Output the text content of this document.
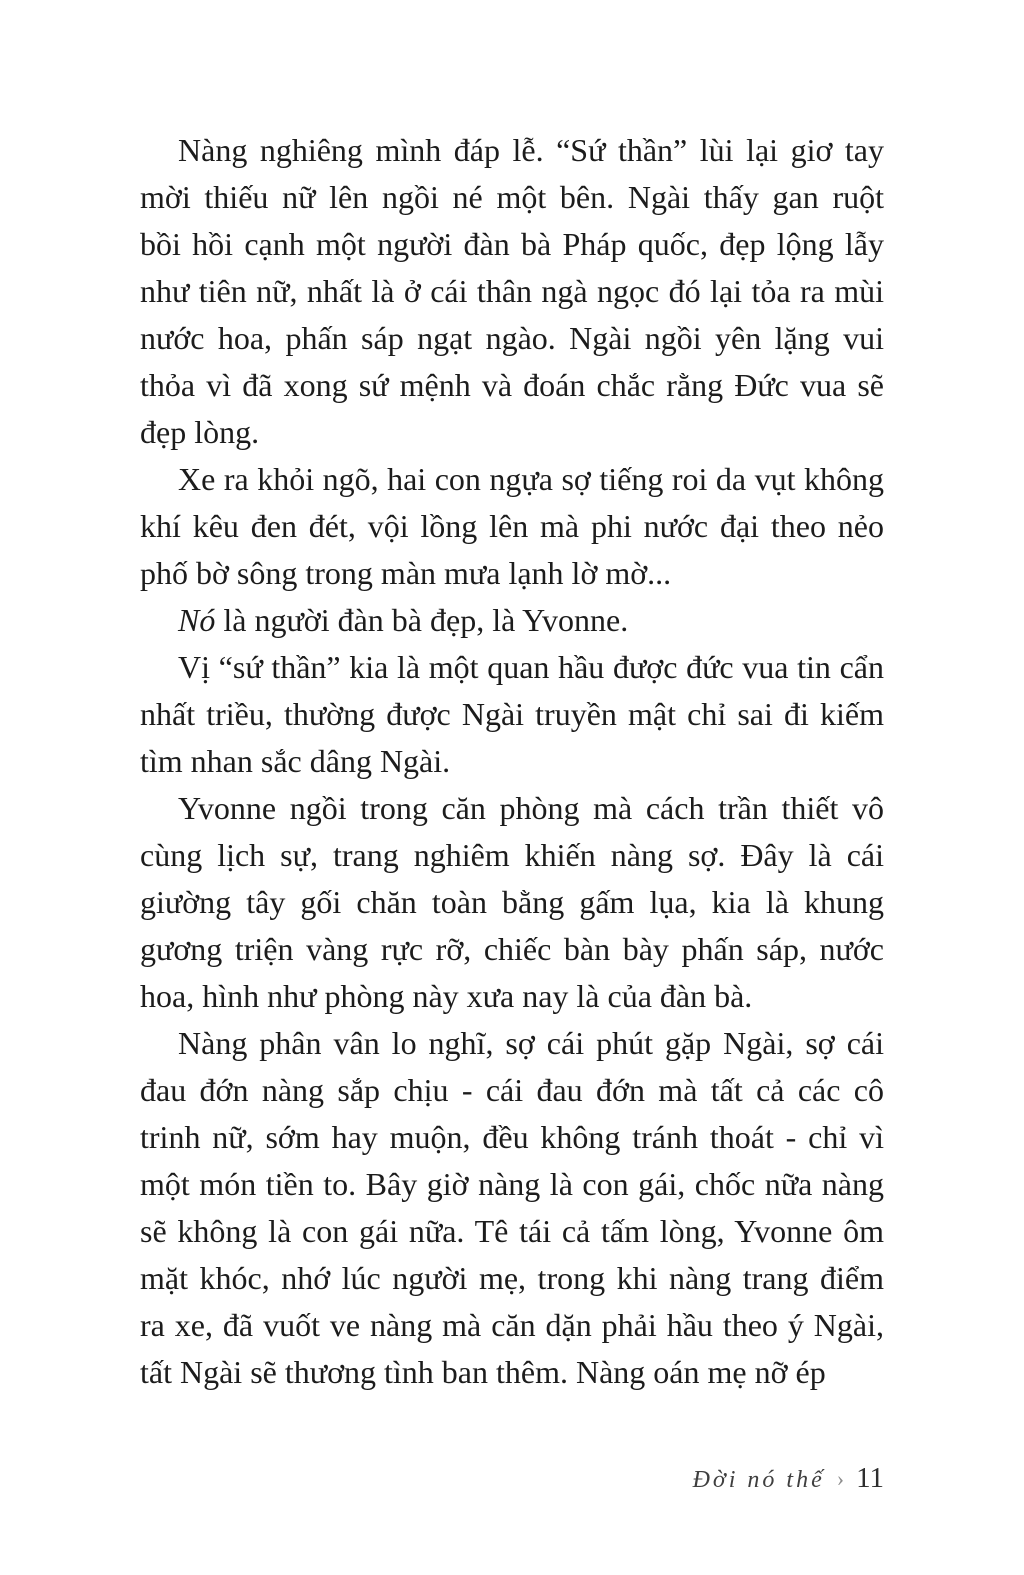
Nàng nghiêng mình đáp lễ. “Sứ thần” lùi lại giơ tay
mời thiếu nữ lên ngồi né một bên. Ngài thấy gan ruột
bồi hồi cạnh một người đàn bà Pháp quốc, đẹp lộng lẫy
như tiên nữ, nhất là ở cái thân ngà ngọc đó lại tỏa ra mùi
nước hoa, phấn sáp ngạt ngào. Ngài ngồi yên lặng vui
thỏa vì đã xong sứ mệnh và đoán chắc rằng Đức vua sẽ
đẹp lòng.
Xe ra khỏi ngõ, hai con ngựa sợ tiếng roi da vụt không
khí kêu đen đét, vội lồng lên mà phi nước đại theo nẻo
phố bờ sông trong màn mưa lạnh lờ mờ...
Nó là người đàn bà đẹp, là Yvonne.
Vị “sứ thần” kia là một quan hầu được đức vua tin cẩn
nhất triều, thường được Ngài truyền mật chỉ sai đi kiếm
tìm nhan sắc dâng Ngài.
Yvonne ngồi trong căn phòng mà cách trần thiết vô
cùng lịch sự, trang nghiêm khiến nàng sợ. Đây là cái
giường tây gối chăn toàn bằng gấm lụa, kia là khung
gương triện vàng rực rỡ, chiếc bàn bày phấn sáp, nước
hoa, hình như phòng này xưa nay là của đàn bà.
Nàng phân vân lo nghĩ, sợ cái phút gặp Ngài, sợ cái
đau đớn nàng sắp chịu - cái đau đớn mà tất cả các cô
trinh nữ, sớm hay muộn, đều không tránh thoát - chỉ vì
một món tiền to. Bây giờ nàng là con gái, chốc nữa nàng
sẽ không là con gái nữa. Tê tái cả tấm lòng, Yvonne ôm
mặt khóc, nhớ lúc người mẹ, trong khi nàng trang điểm
ra xe, đã vuốt ve nàng mà căn dặn phải hầu theo ý Ngài,
tất Ngài sẽ thương tình ban thêm. Nàng oán mẹ nỡ ép
Đời nó thế › 11
